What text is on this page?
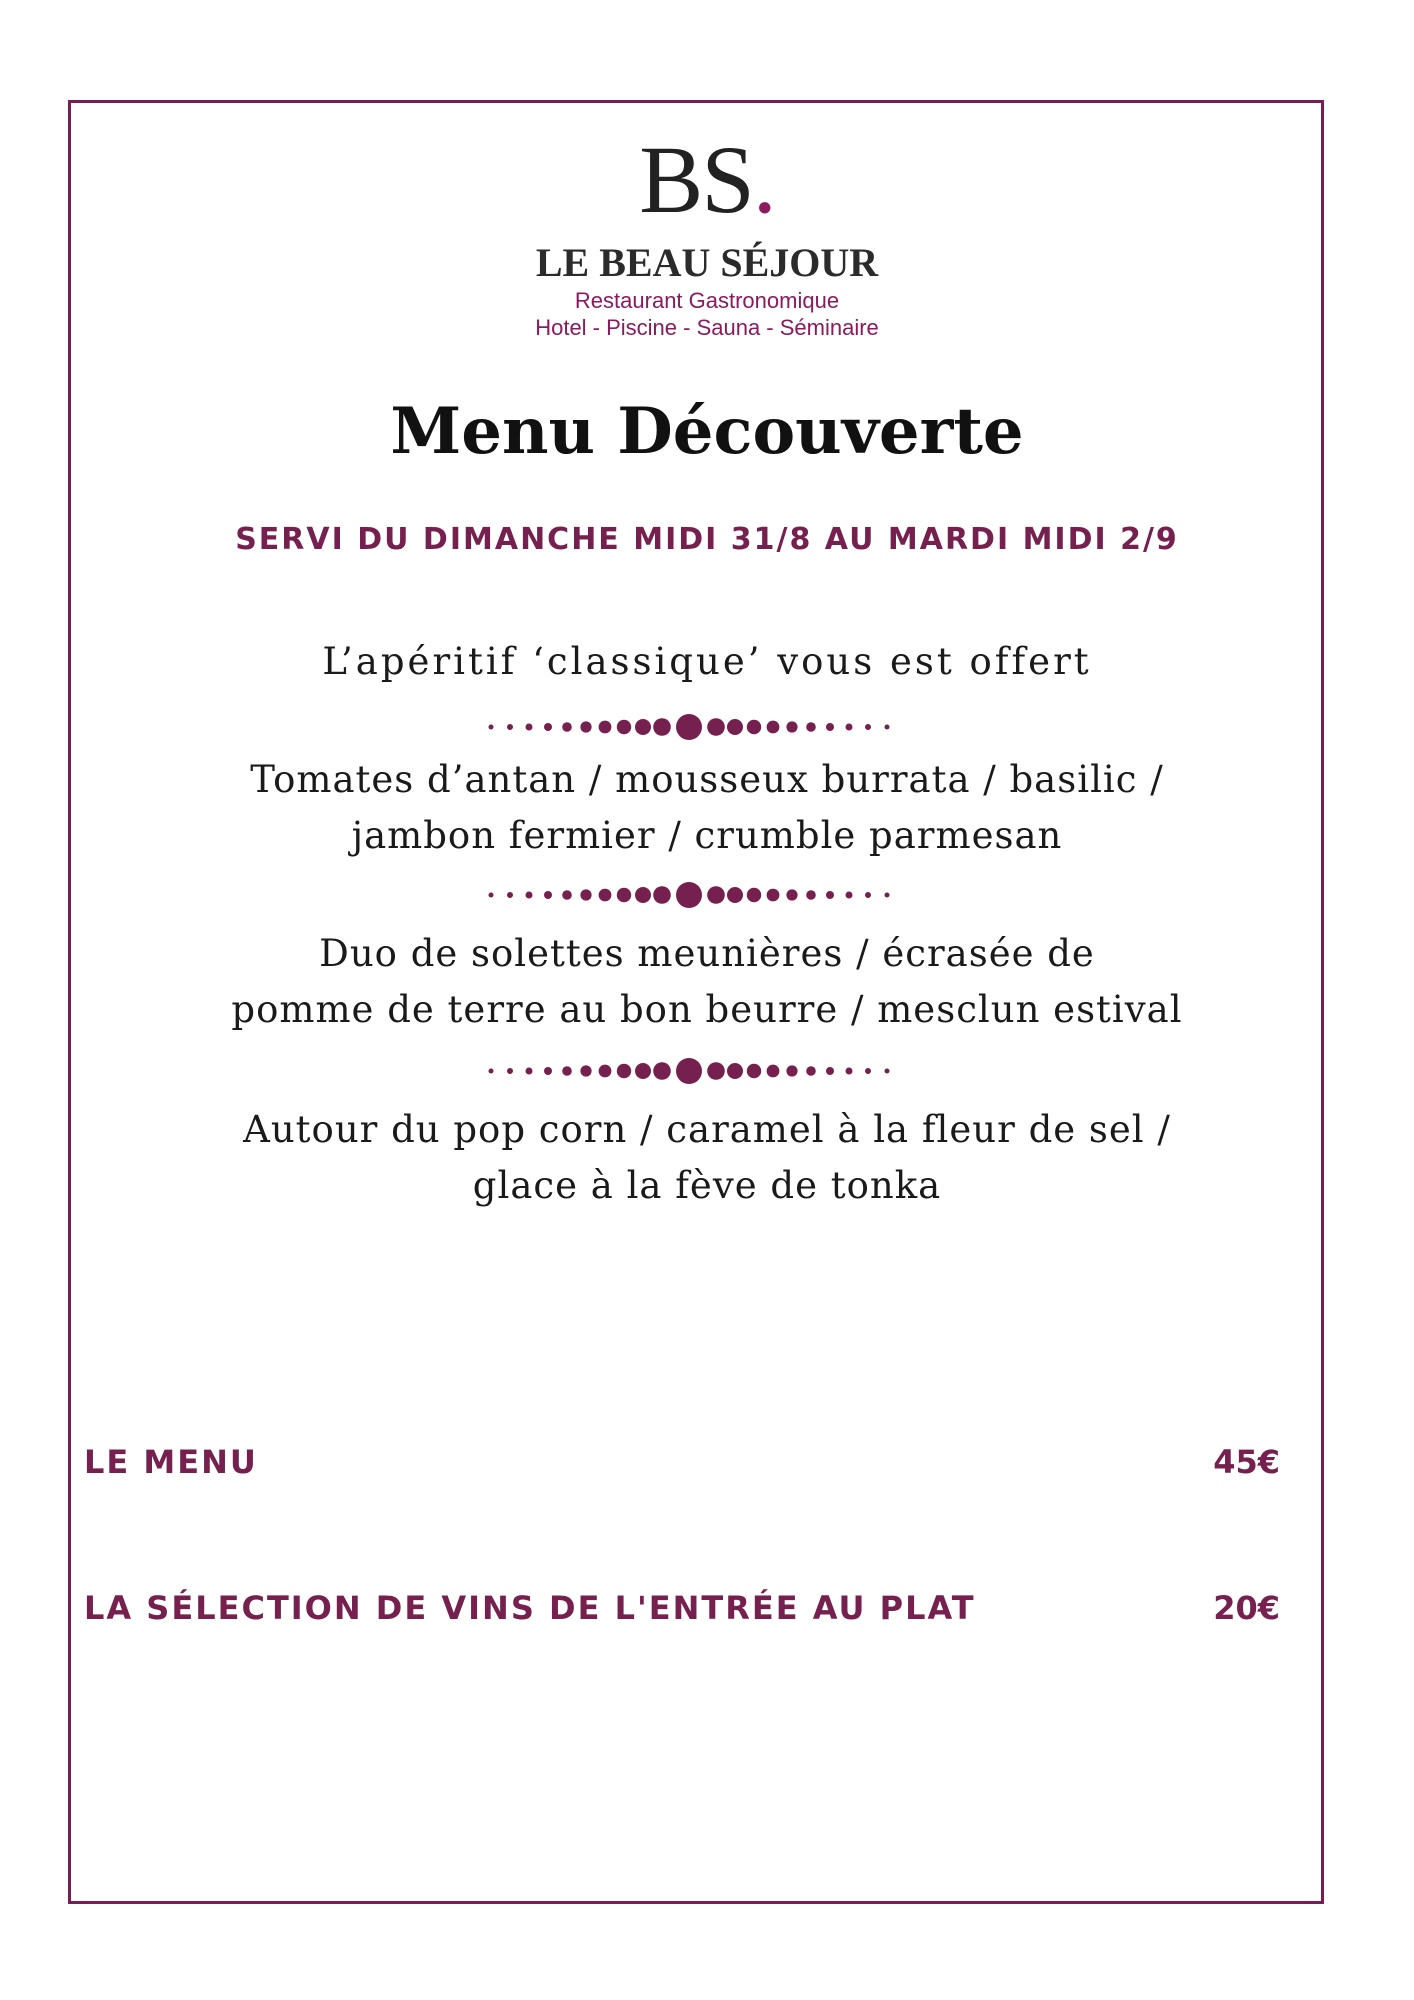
BS.
LE BEAU SÉJOUR
Restaurant Gastronomique
Hotel - Piscine - Sauna - Séminaire
Menu Découverte
SERVI DU DIMANCHE MIDI 31/8 AU MARDI MIDI 2/9
L’apéritif ‘classique’ vous est offert
Tomates d’antan / mousseux burrata / basilic /
jambon fermier / crumble parmesan
Duo de solettes meunières / écrasée de
pomme de terre au bon beurre / mesclun estival
Autour du pop corn / caramel à la fleur de sel /
glace à la fève de tonka
LE MENU	45€
LA SÉLECTION DE VINS DE L'ENTRÉE AU PLAT	20€
